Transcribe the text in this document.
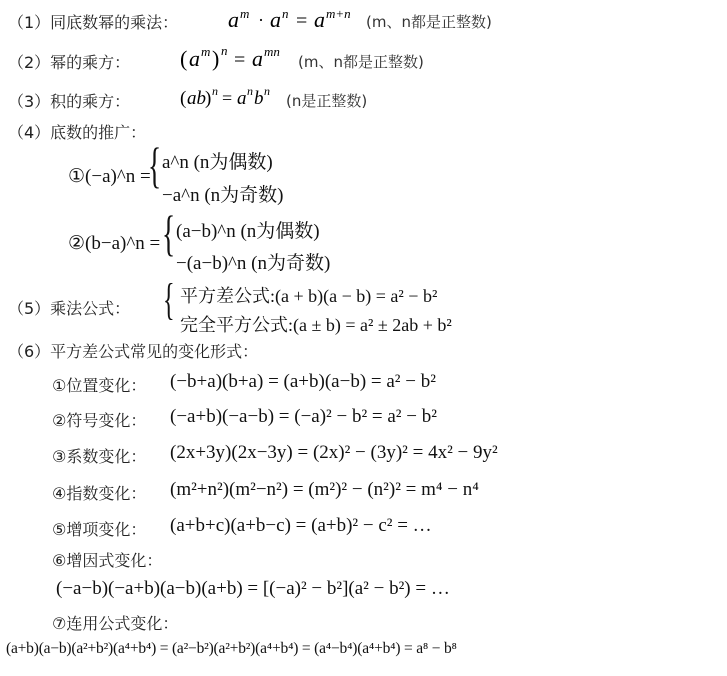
（1）同底数幂的乘法： a m · a n = a m+n (m、n都是正整数)
（2）幂的乘方： ( a m ) n = a mn
(m、n都是正整数)
（3）积的乘方：	( ab ) n = a n b n
(n是正整数)
（4）底数的推广：
①(−a)^n =
{ a^n (n为偶数)
−a^n (n为奇数)
②(b−a)^n = { (a−b)^n (n为偶数)
−(a−b)^n (n为奇数)
（5）乘法公式： { 平方差公式:(a + b)(a − b) = a² − b²
完全平方公式:(a ± b) = a² ± 2ab + b²
（6）平方差公式常见的变化形式：
①位置变化： (−b+a)(b+a) = (a+b)(a−b) = a² − b²
②符号变化： (−a+b)(−a−b) = (−a)² − b² = a² − b²
③系数变化： (2x+3y)(2x−3y) = (2x)² − (3y)² = 4x² − 9y²
④指数变化： (m²+n²)(m²−n²) = (m²)² − (n²)² = m⁴ − n⁴
⑤增项变化： (a+b+c)(a+b−c) = (a+b)² − c² = …
⑥增因式变化：
(−a−b)(−a+b)(a−b)(a+b) = [(−a)² − b²](a² − b²) = …
⑦连用公式变化：
(a+b)(a−b)(a²+b²)(a⁴+b⁴) = (a²−b²)(a²+b²)(a⁴+b⁴) = (a⁴−b⁴)(a⁴+b⁴) = a⁸ − b⁸
